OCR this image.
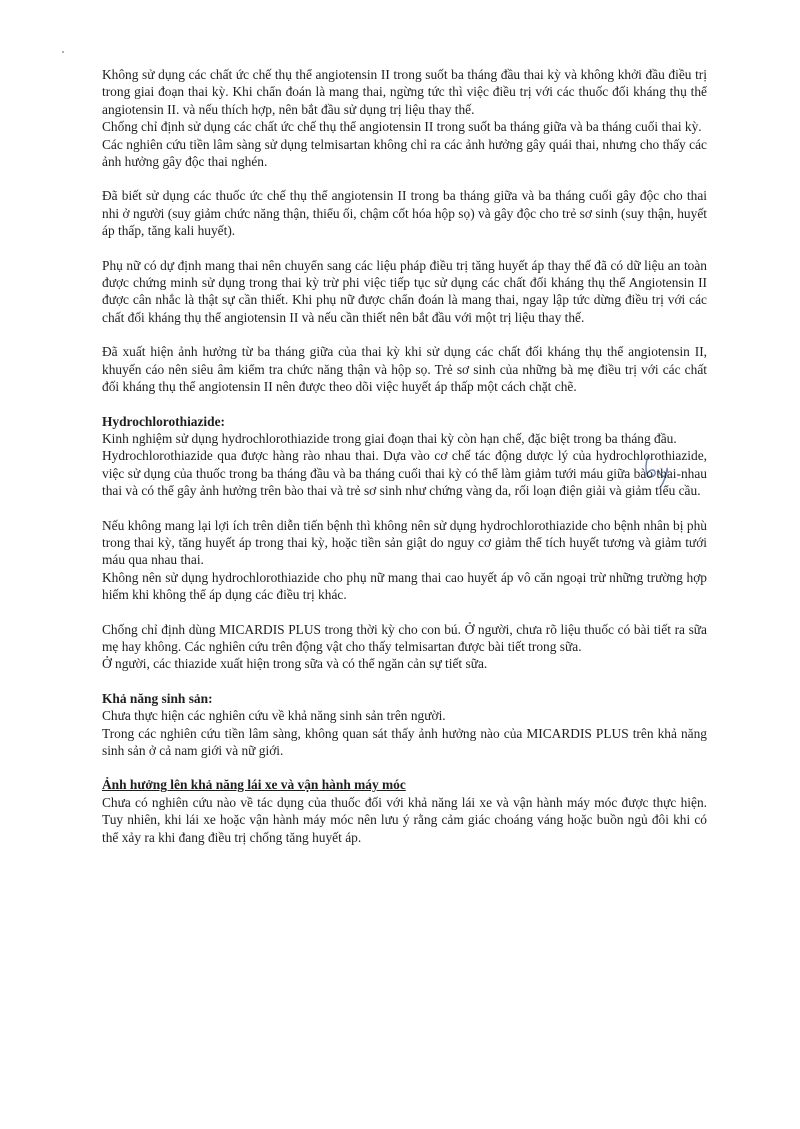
Không sử dụng các chất ức chế thụ thể angiotensin II trong suốt ba tháng đầu thai kỳ và không khởi đầu điều trị trong giai đoạn thai kỳ. Khi chẩn đoán là mang thai, ngừng tức thì việc điều trị với các thuốc đối kháng thụ thể angiotensin II. và nếu thích hợp, nên bắt đầu sử dụng trị liệu thay thế.

Chống chỉ định sử dụng các chất ức chế thụ thể angiotensin II trong suốt ba tháng giữa và ba tháng cuối thai kỳ.

Các nghiên cứu tiền lâm sàng sử dụng telmisartan không chỉ ra các ảnh hưởng gây quái thai, nhưng cho thấy các ảnh hưởng gây độc thai nghén.

Đã biết sử dụng các thuốc ức chế thụ thể angiotensin II trong ba tháng giữa và ba tháng cuối gây độc cho thai nhi ở người (suy giảm chức năng thận, thiểu ối, chậm cốt hóa hộp sọ) và gây độc cho trẻ sơ sinh (suy thận, huyết áp thấp, tăng kali huyết).

Phụ nữ có dự định mang thai nên chuyển sang các liệu pháp điều trị tăng huyết áp thay thế đã có dữ liệu an toàn được chứng minh sử dụng trong thai kỳ trừ phi việc tiếp tục sử dụng các chất đối kháng thụ thể Angiotensin II được cân nhắc là thật sự cần thiết. Khi phụ nữ được chẩn đoán là mang thai, ngay lập tức dừng điều trị với các chất đối kháng thụ thể angiotensin II và nếu cần thiết nên bắt đầu với một trị liệu thay thế.

Đã xuất hiện ảnh hưởng từ ba tháng giữa của thai kỳ khi sử dụng các chất đối kháng thụ thể angiotensin II, khuyến cáo nên siêu âm kiểm tra chức năng thận và hộp sọ. Trẻ sơ sinh của những bà mẹ điều trị với các chất đối kháng thụ thể angiotensin II nên được theo dõi việc huyết áp thấp một cách chặt chẽ.

Hydrochlorothiazide:

Kinh nghiệm sử dụng hydrochlorothiazide trong giai đoạn thai kỳ còn hạn chế, đặc biệt trong ba tháng đầu.

Hydrochlorothiazide qua được hàng rào nhau thai. Dựa vào cơ chế tác động dược lý của hydrochlorothiazide, việc sử dụng của thuốc trong ba tháng đầu và ba tháng cuối thai kỳ có thể làm giảm tưới máu giữa bào thai-nhau thai và có thể gây ảnh hưởng trên bào thai và trẻ sơ sinh như chứng vàng da, rối loạn điện giải và giảm tiểu cầu.

Nếu không mang lại lợi ích trên diễn tiến bệnh thì không nên sử dụng hydrochlorothiazide cho bệnh nhân bị phù trong thai kỳ, tăng huyết áp trong thai kỳ, hoặc tiền sản giật do nguy cơ giảm thể tích huyết tương và giảm tưới máu qua nhau thai.

Không nên sử dụng hydrochlorothiazide cho phụ nữ mang thai cao huyết áp vô căn ngoại trừ những trường hợp hiếm khi không thể áp dụng các điều trị khác.

Chống chỉ định dùng MICARDIS PLUS trong thời kỳ cho con bú. Ở người, chưa rõ liệu thuốc có bài tiết ra sữa mẹ hay không. Các nghiên cứu trên động vật cho thấy telmisartan được bài tiết trong sữa.

Ở người, các thiazide xuất hiện trong sữa và có thể ngăn cản sự tiết sữa.

Khả năng sinh sản:

Chưa thực hiện các nghiên cứu về khả năng sinh sản trên người.

Trong các nghiên cứu tiền lâm sàng, không quan sát thấy ảnh hưởng nào của MICARDIS PLUS trên khả năng sinh sản ở cả nam giới và nữ giới.

Ảnh hưởng lên khả năng lái xe và vận hành máy móc

Chưa có nghiên cứu nào về tác dụng của thuốc đối với khả năng lái xe và vận hành máy móc được thực hiện. Tuy nhiên, khi lái xe hoặc vận hành máy móc nên lưu ý rằng cảm giác choáng váng hoặc buồn ngủ đôi khi có thể xảy ra khi đang điều trị chống tăng huyết áp.
